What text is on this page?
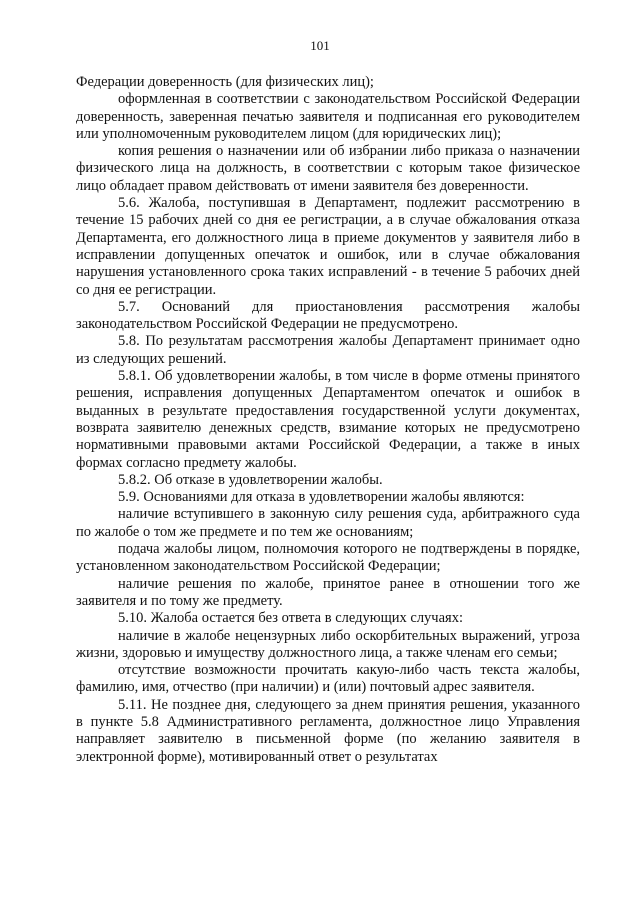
101

Федерации доверенность (для физических лиц);

оформленная в соответствии с законодательством Российской Федерации доверенность, заверенная печатью заявителя и подписанная его руководителем или уполномоченным руководителем лицом (для юридических лиц);

копия решения о назначении или об избрании либо приказа о назначении физического лица на должность, в соответствии с которым такое физическое лицо обладает правом действовать от имени заявителя без доверенности.

5.6. Жалоба, поступившая в Департамент, подлежит рассмотрению в течение 15 рабочих дней со дня ее регистрации, а в случае обжалования отказа Департамента, его должностного лица в приеме документов у заявителя либо в исправлении допущенных опечаток и ошибок, или в случае обжалования нарушения установленного срока таких исправлений - в течение 5 рабочих дней со дня ее регистрации.

5.7. Оснований для приостановления рассмотрения жалобы законодательством Российской Федерации не предусмотрено.

5.8. По результатам рассмотрения жалобы Департамент принимает одно из следующих решений.

5.8.1. Об удовлетворении жалобы, в том числе в форме отмены принятого решения, исправления допущенных Департаментом опечаток и ошибок в выданных в результате предоставления государственной услуги документах, возврата заявителю денежных средств, взимание которых не предусмотрено нормативными правовыми актами Российской Федерации, а также в иных формах согласно предмету жалобы.

5.8.2. Об отказе в удовлетворении жалобы.

5.9. Основаниями для отказа в удовлетворении жалобы являются:

наличие вступившего в законную силу решения суда, арбитражного суда по жалобе о том же предмете и по тем же основаниям;

подача жалобы лицом, полномочия которого не подтверждены в порядке, установленном законодательством Российской Федерации;

наличие решения по жалобе, принятое ранее в отношении того же заявителя и по тому же предмету.

5.10. Жалоба остается без ответа в следующих случаях:

наличие в жалобе нецензурных либо оскорбительных выражений, угроза жизни, здоровью и имуществу должностного лица, а также членам его семьи;

отсутствие возможности прочитать какую-либо часть текста жалобы, фамилию, имя, отчество (при наличии) и (или) почтовый адрес заявителя.

5.11. Не позднее дня, следующего за днем принятия решения, указанного в пункте 5.8 Административного регламента, должностное лицо Управления направляет заявителю в письменной форме (по желанию заявителя в электронной форме), мотивированный ответ о результатах
